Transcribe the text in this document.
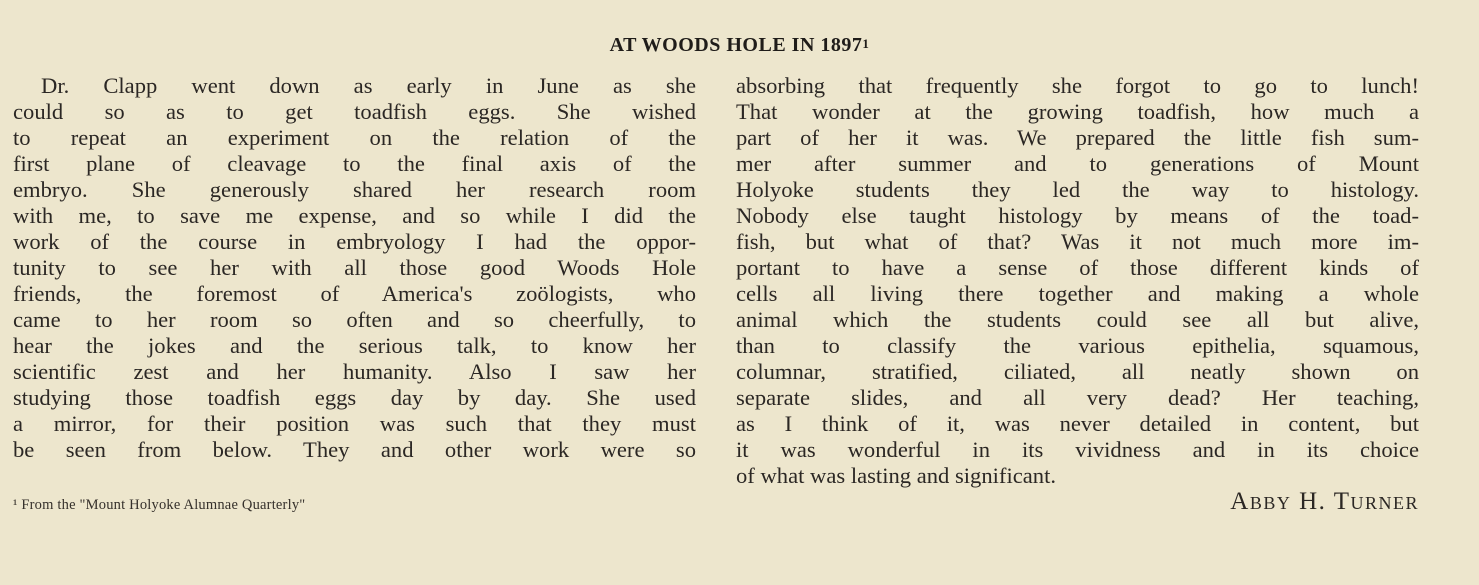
AT WOODS HOLE IN 1897$^1$
Dr. Clapp went down as early in June as she
could so as to get toadfish eggs. She wished
to repeat an experiment on the relation of the
first plane of cleavage to the final axis of the
embryo. She generously shared her research room
with me, to save me expense, and so while I did the
work of the course in embryology I had the oppor-
tunity to see her with all those good Woods Hole
friends, the foremost of America's zoölogists, who
came to her room so often and so cheerfully, to
hear the jokes and the serious talk, to know her
scientific zest and her humanity. Also I saw her
studying those toadfish eggs day by day. She used
a mirror, for their position was such that they must
be seen from below. They and other work were so
absorbing that frequently she forgot to go to lunch!
That wonder at the growing toadfish, how much a
part of her it was. We prepared the little fish sum-
mer after summer and to generations of Mount
Holyoke students they led the way to histology.
Nobody else taught histology by means of the toad-
fish, but what of that? Was it not much more im-
portant to have a sense of those different kinds of
cells all living there together and making a whole
animal which the students could see all but alive,
than to classify the various epithelia, squamous,
columnar, stratified, ciliated, all neatly shown on
separate slides, and all very dead? Her teaching,
as I think of it, was never detailed in content, but
it was wonderful in its vividness and in its choice
of what was lasting and significant.
¹ From the "Mount Holyoke Alumnae Quarterly"	Abby H. Turner
